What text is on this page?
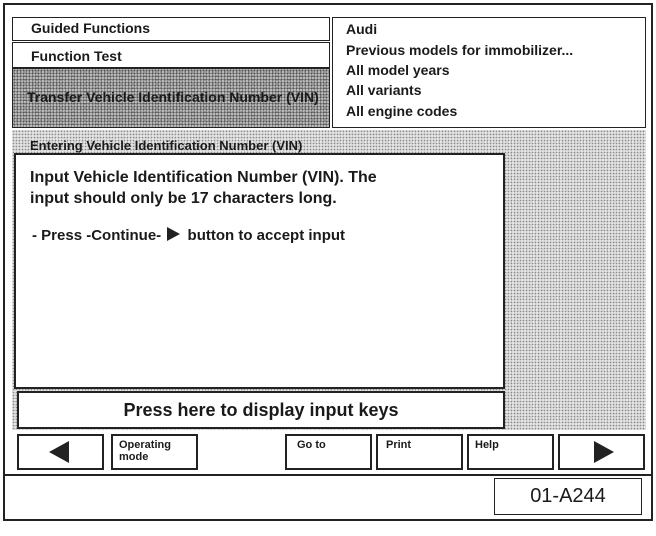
Guided Functions
Function Test
Transfer Vehicle Identification Number (VIN)
Audi
Previous models for immobilizer...
All model years
All variants
All engine codes
Entering Vehicle Identification Number (VIN)
Input Vehicle Identification Number (VIN). The
input should only be 17 characters long.
- Press -Continue- button to accept input
Press here to display input keys
Operating mode
Go to	Print	Help
01-A244
